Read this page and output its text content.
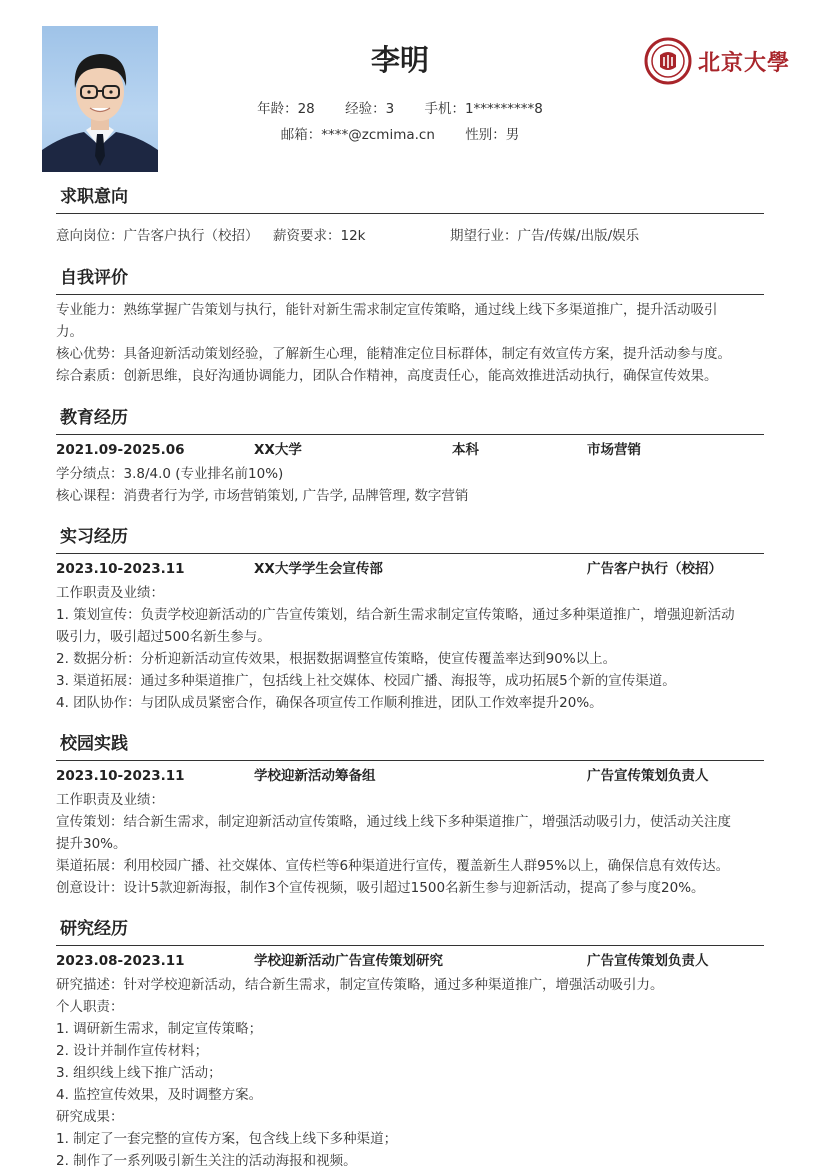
李明
年龄：28 经验：3 手机：1*********8
邮箱：****@zcmima.cn 性别：男
北京大學
求职意向
意向岗位：广告客户执行（校招） 薪资要求：12k	期望行业：广告/传媒/出版/娱乐
自我评价
专业能力：熟练掌握广告策划与执行，能针对新生需求制定宣传策略，通过线上线下多渠道推广，提升活动吸引
力。
核心优势：具备迎新活动策划经验，了解新生心理，能精准定位目标群体，制定有效宣传方案，提升活动参与度。
综合素质：创新思维，良好沟通协调能力，团队合作精神，高度责任心，能高效推进活动执行，确保宣传效果。
教育经历
2021.09-2025.06	XX大学	本科	市场营销
学分绩点：3.8/4.0 (专业排名前10%)
核心课程：消费者行为学, 市场营销策划, 广告学, 品牌管理, 数字营销
实习经历
2023.10-2023.11	XX大学学生会宣传部	广告客户执行（校招）
工作职责及业绩：
1. 策划宣传：负责学校迎新活动的广告宣传策划，结合新生需求制定宣传策略，通过多种渠道推广，增强迎新活动
吸引力，吸引超过500名新生参与。
2. 数据分析：分析迎新活动宣传效果，根据数据调整宣传策略，使宣传覆盖率达到90%以上。
3. 渠道拓展：通过多种渠道推广，包括线上社交媒体、校园广播、海报等，成功拓展5个新的宣传渠道。
4. 团队协作：与团队成员紧密合作，确保各项宣传工作顺利推进，团队工作效率提升20%。
校园实践
2023.10-2023.11	学校迎新活动筹备组	广告宣传策划负责人
工作职责及业绩：
宣传策划：结合新生需求，制定迎新活动宣传策略，通过线上线下多种渠道推广，增强活动吸引力，使活动关注度
提升30%。
渠道拓展：利用校园广播、社交媒体、宣传栏等6种渠道进行宣传，覆盖新生人群95%以上，确保信息有效传达。
创意设计：设计5款迎新海报，制作3个宣传视频，吸引超过1500名新生参与迎新活动，提高了参与度20%。
研究经历
2023.08-2023.11	学校迎新活动广告宣传策划研究	广告宣传策划负责人
研究描述：针对学校迎新活动，结合新生需求，制定宣传策略，通过多种渠道推广，增强活动吸引力。
个人职责：
1. 调研新生需求，制定宣传策略；
2. 设计并制作宣传材料；
3. 组织线上线下推广活动；
4. 监控宣传效果，及时调整方案。
研究成果：
1. 制定了一套完整的宣传方案，包含线上线下多种渠道；
2. 制作了一系列吸引新生关注的活动海报和视频。
